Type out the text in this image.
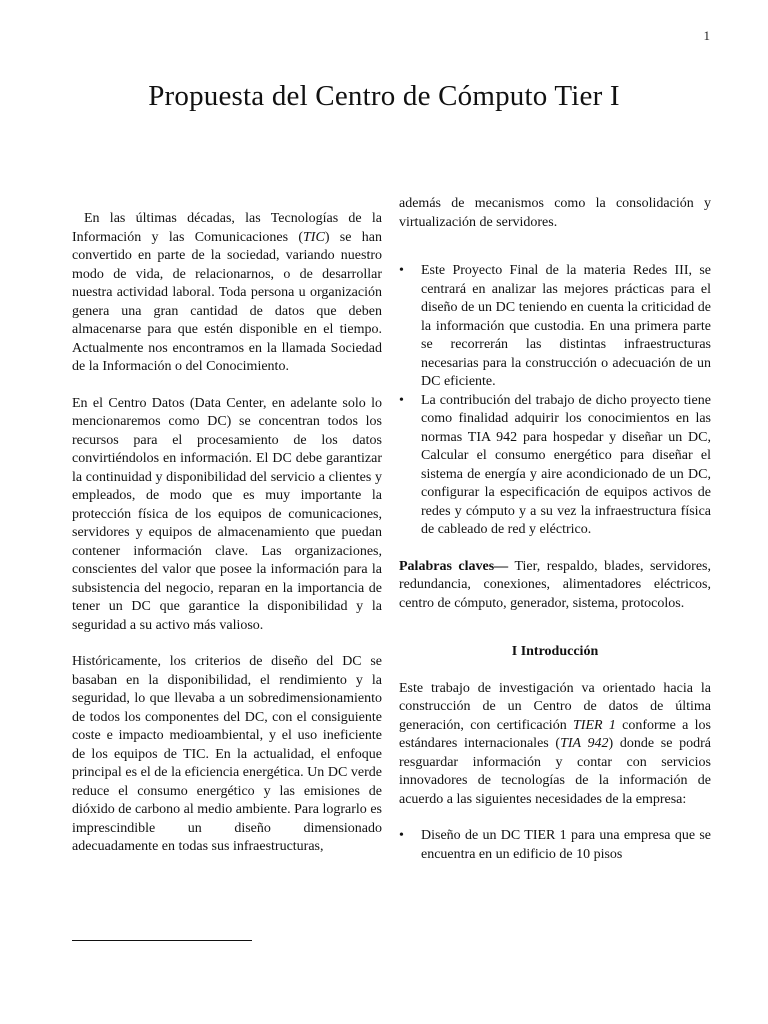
1
Propuesta del Centro de Cómputo Tier I

En las últimas décadas, las Tecnologías de la Información y las Comunicaciones (TIC) se han convertido en parte de la sociedad, variando nuestro modo de vida, de relacionarnos, o de desarrollar nuestra actividad laboral. Toda persona u organización genera una gran cantidad de datos que deben almacenarse para que estén disponible en el tiempo. Actualmente nos encontramos en la llamada Sociedad de la Información o del Conocimiento.

En el Centro Datos (Data Center, en adelante solo lo mencionaremos como DC) se concentran todos los recursos para el procesamiento de los datos convirtiéndolos en información. El DC debe garantizar la continuidad y disponibilidad del servicio a clientes y empleados, de modo que es muy importante la protección física de los equipos de comunicaciones, servidores y equipos de almacenamiento que puedan contener información clave. Las organizaciones, conscientes del valor que posee la información para la subsistencia del negocio, reparan en la importancia de tener un DC que garantice la disponibilidad y la seguridad a su activo más valioso.

Históricamente, los criterios de diseño del DC se basaban en la disponibilidad, el rendimiento y la seguridad, lo que llevaba a un sobredimensionamiento de todos los componentes del DC, con el consiguiente coste e impacto medioambiental, y el uso ineficiente de los equipos de TIC. En la actualidad, el enfoque principal es el de la eficiencia energética. Un DC verde reduce el consumo energético y las emisiones de dióxido de carbono al medio ambiente. Para lograrlo es imprescindible un diseño dimensionado adecuadamente en todas sus infraestructuras,

además de mecanismos como la consolidación y virtualización de servidores.

• Este Proyecto Final de la materia Redes III, se centrará en analizar las mejores prácticas para el diseño de un DC teniendo en cuenta la criticidad de la información que custodia. En una primera parte se recorrerán las distintas infraestructuras necesarias para la construcción o adecuación de un DC eficiente.
• La contribución del trabajo de dicho proyecto tiene como finalidad adquirir los conocimientos en las normas TIA 942 para hospedar y diseñar un DC, Calcular el consumo energético para diseñar el sistema de energía y aire acondicionado de un DC, configurar la especificación de equipos activos de redes y cómputo y a su vez la infraestructura física de cableado de red y eléctrico.

Palabras claves— Tier, respaldo, blades, servidores, redundancia, conexiones, alimentadores eléctricos, centro de cómputo, generador, sistema, protocolos.

I Introducción

Este trabajo de investigación va orientado hacia la construcción de un Centro de datos de última generación, con certificación TIER 1 conforme a los estándares internacionales (TIA 942) donde se podrá resguardar información y contar con servicios innovadores de tecnologías de la información de acuerdo a las siguientes necesidades de la empresa:

• Diseño de un DC TIER 1 para una empresa que se encuentra en un edificio de 10 pisos
